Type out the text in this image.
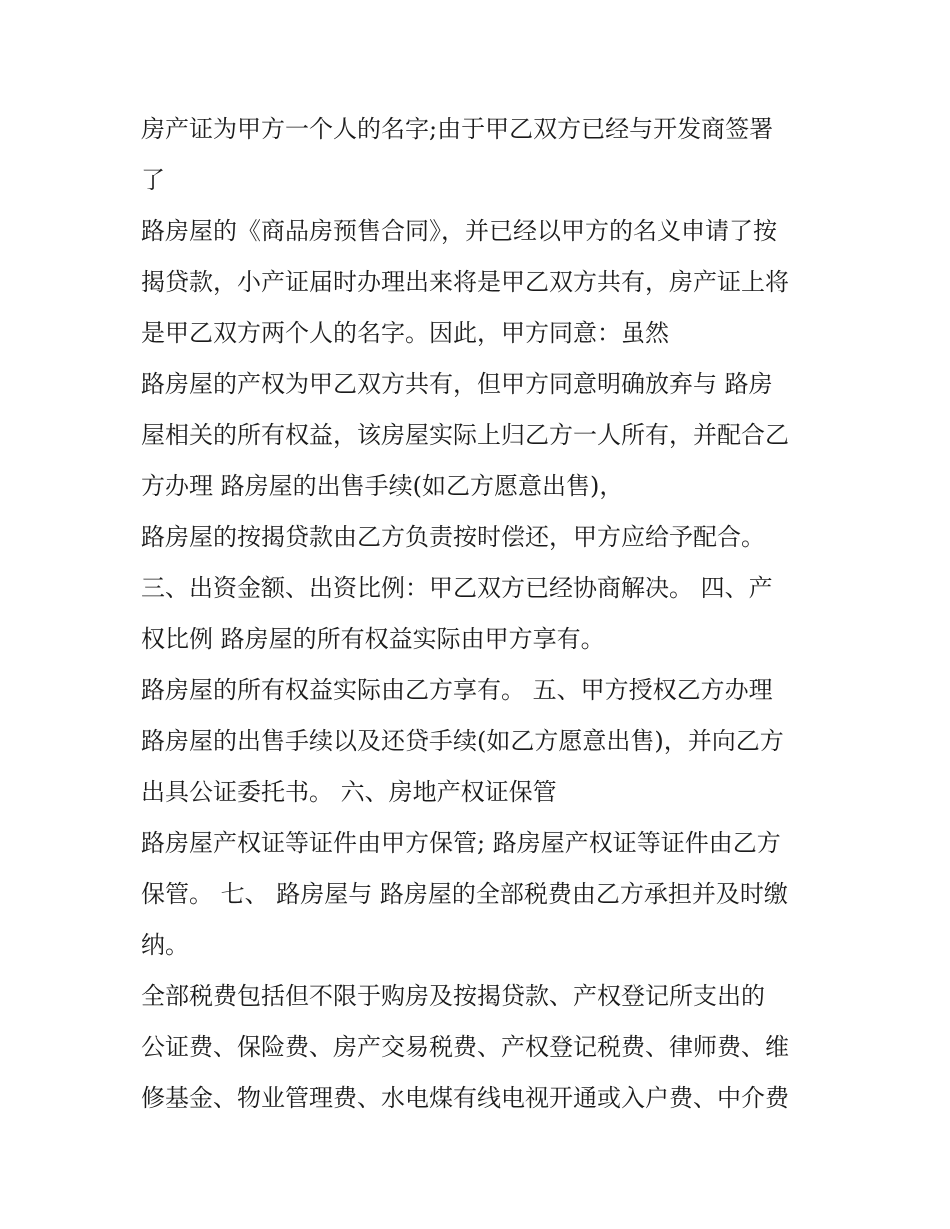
房产证为甲方一个人的名字;由于甲乙双方已经与开发商签署
了
路房屋的《商品房预售合同》，并已经以甲方的名义申请了按
揭贷款，小产证届时办理出来将是甲乙双方共有，房产证上将
是甲乙双方两个人的名字。因此，甲方同意：虽然
路房屋的产权为甲乙双方共有，但甲方同意明确放弃与 路房
屋相关的所有权益，该房屋实际上归乙方一人所有，并配合乙
方办理 路房屋的出售手续(如乙方愿意出售)，
路房屋的按揭贷款由乙方负责按时偿还，甲方应给予配合。
三、出资金额、出资比例：甲乙双方已经协商解决。 四、产
权比例 路房屋的所有权益实际由甲方享有。
路房屋的所有权益实际由乙方享有。 五、甲方授权乙方办理
路房屋的出售手续以及还贷手续(如乙方愿意出售)，并向乙方
出具公证委托书。 六、房地产权证保管
路房屋产权证等证件由甲方保管; 路房屋产权证等证件由乙方
保管。 七、 路房屋与 路房屋的全部税费由乙方承担并及时缴
纳。
全部税费包括但不限于购房及按揭贷款、产权登记所支出的
公证费、保险费、房产交易税费、产权登记税费、律师费、维
修基金、物业管理费、水电煤有线电视开通或入户费、中介费
